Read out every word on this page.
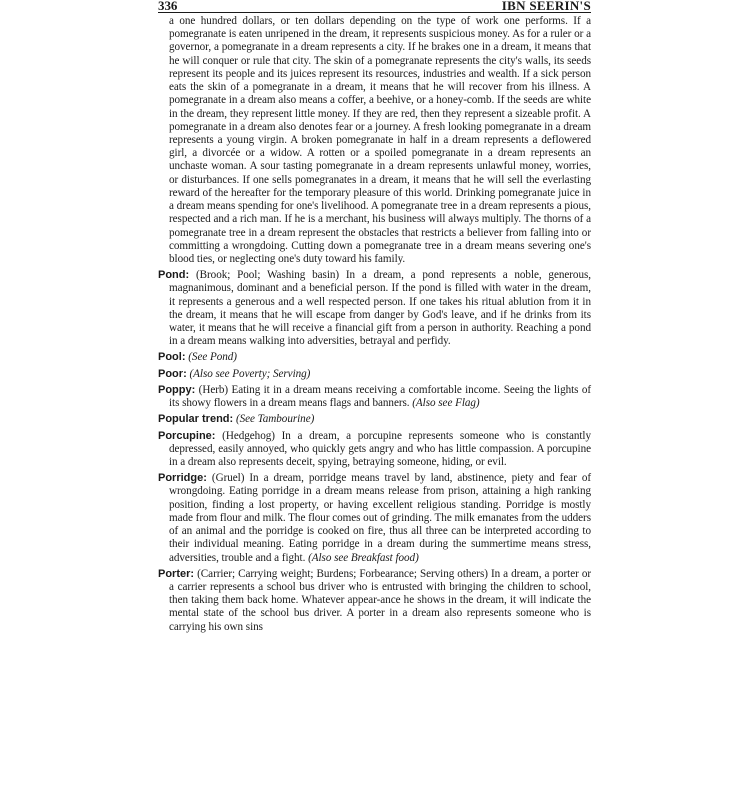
336	IBN SEERIN'S

a one hundred dollars, or ten dollars depending on the type of work one performs. If a pomegranate is eaten unripened in the dream, it represents suspicious money. As for a ruler or a governor, a pomegranate in a dream represents a city. If he brakes one in a dream, it means that he will conquer or rule that city. The skin of a pomegranate represents the city's walls, its seeds represent its people and its juices represent its resources, industries and wealth. If a sick person eats the skin of a pomegranate in a dream, it means that he will recover from his illness. A pomegranate in a dream also means a coffer, a beehive, or a honey-comb. If the seeds are white in the dream, they represent little money. If they are red, then they represent a sizeable profit. A pomegranate in a dream also denotes fear or a journey. A fresh looking pomegranate in a dream represents a young virgin. A broken pomegranate in half in a dream represents a deflowered girl, a divorcée or a widow. A rotten or a spoiled pomegranate in a dream represents an unchaste woman. A sour tasting pomegranate in a dream represents unlawful money, worries, or disturbances. If one sells pomegranates in a dream, it means that he will sell the everlasting reward of the hereafter for the temporary pleasure of this world. Drinking pomegranate juice in a dream means spending for one's livelihood. A pomegranate tree in a dream represents a pious, respected and a rich man. If he is a merchant, his business will always multiply. The thorns of a pomegranate tree in a dream represent the obstacles that restricts a believer from falling into or committing a wrongdoing. Cutting down a pomegranate tree in a dream means severing one's blood ties, or neglecting one's duty toward his family.

Pond: (Brook; Pool; Washing basin) In a dream, a pond represents a noble, generous, magnanimous, dominant and a beneficial person. If the pond is filled with water in the dream, it represents a generous and a well respected person. If one takes his ritual ablution from it in the dream, it means that he will escape from danger by God's leave, and if he drinks from its water, it means that he will receive a financial gift from a person in authority. Reaching a pond in a dream means walking into adversities, betrayal and perfidy.

Pool: (See Pond)

Poor: (Also see Poverty; Serving)

Poppy: (Herb) Eating it in a dream means receiving a comfortable income. Seeing the lights of its showy flowers in a dream means flags and banners. (Also see Flag)

Popular trend: (See Tambourine)

Porcupine: (Hedgehog) In a dream, a porcupine represents someone who is constantly depressed, easily annoyed, who quickly gets angry and who has little compassion. A porcupine in a dream also represents deceit, spying, betraying someone, hiding, or evil.

Porridge: (Gruel) In a dream, porridge means travel by land, abstinence, piety and fear of wrongdoing. Eating porridge in a dream means release from prison, attaining a high ranking position, finding a lost property, or having excellent religious standing. Porridge is mostly made from flour and milk. The flour comes out of grinding. The milk emanates from the udders of an animal and the porridge is cooked on fire, thus all three can be interpreted according to their individual meaning. Eating porridge in a dream during the summertime means stress, adversities, trouble and a fight. (Also see Breakfast food)

Porter: (Carrier; Carrying weight; Burdens; Forbearance; Serving others) In a dream, a porter or a carrier represents a school bus driver who is entrusted with bringing the children to school, then taking them back home. Whatever appear-ance he shows in the dream, it will indicate the mental state of the school bus driver. A porter in a dream also represents someone who is carrying his own sins
